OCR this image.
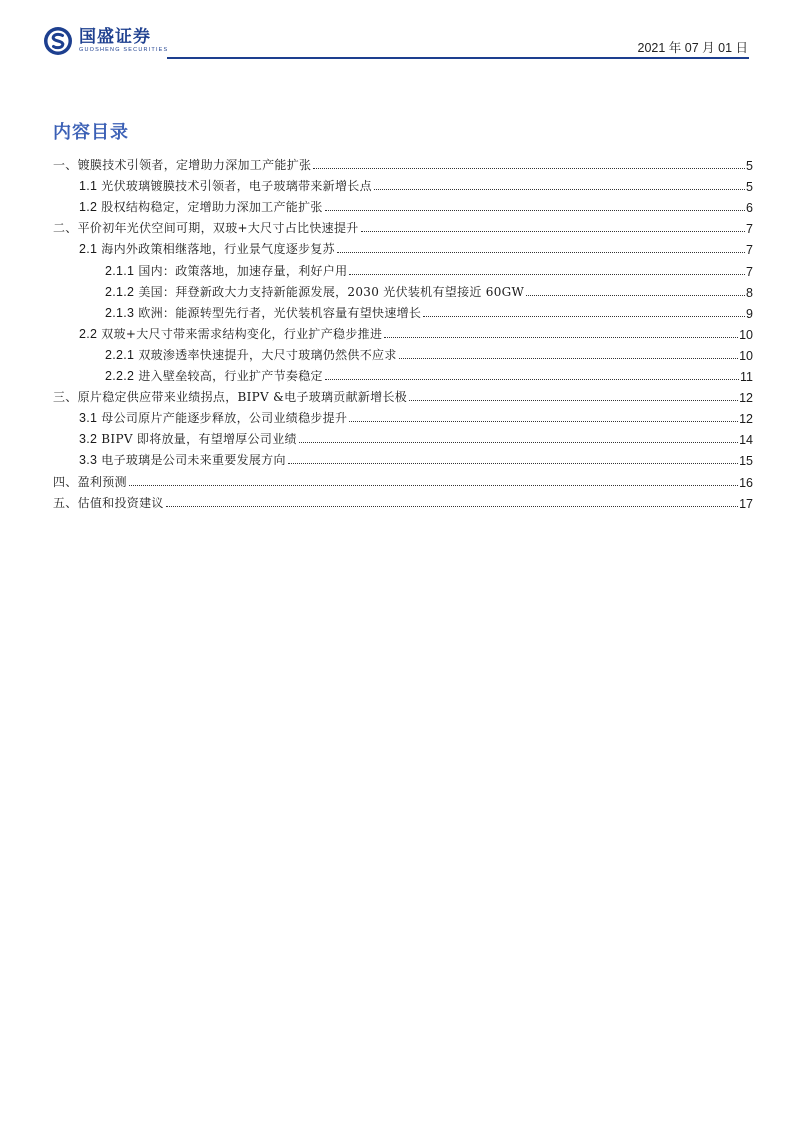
国盛证券
GUOSHENG SECURITIES	2021 年 07 月 01 日
内容目录
一、镀膜技术引领者，定增助力深加工产能扩张	5
1.1 光伏玻璃镀膜技术引领者，电子玻璃带来新增长点	5
1.2 股权结构稳定，定增助力深加工产能扩张	6
二、平价初年光伏空间可期，双玻+大尺寸占比快速提升	7
2.1 海内外政策相继落地，行业景气度逐步复苏	7
2.1.1 国内：政策落地，加速存量，利好户用	7
2.1.2 美国：拜登新政大力支持新能源发展，2030 光伏装机有望接近 60GW	8
2.1.3 欧洲：能源转型先行者，光伏装机容量有望快速增长	9
2.2 双玻+大尺寸带来需求结构变化，行业扩产稳步推进	10
2.2.1 双玻渗透率快速提升，大尺寸玻璃仍然供不应求	10
2.2.2 进入壁垒较高，行业扩产节奏稳定	11
三、原片稳定供应带来业绩拐点，BIPV &电子玻璃贡献新增长极	12
3.1 母公司原片产能逐步释放，公司业绩稳步提升	12
3.2 BIPV 即将放量，有望增厚公司业绩	14
3.3 电子玻璃是公司未来重要发展方向	15
四、盈利预测	16
五、估值和投资建议	17
